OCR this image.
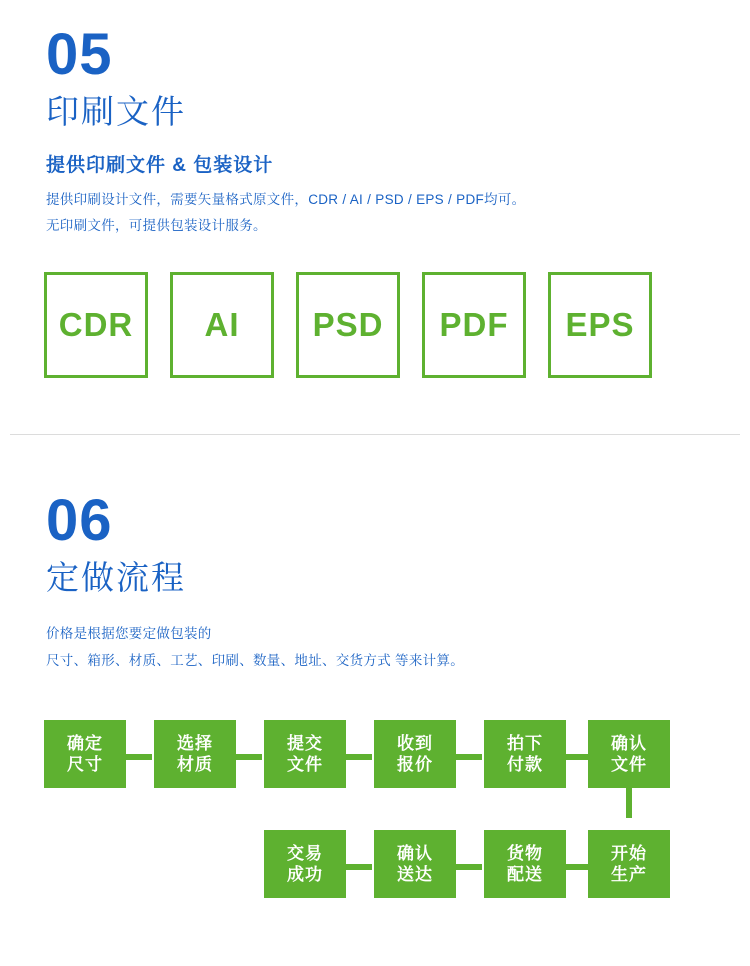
05
印刷文件
提供印刷文件 & 包装设计
提供印刷设计文件，需要矢量格式原文件，CDR / AI / PSD / EPS / PDF均可。
无印刷文件，可提供包装设计服务。
CDR AI PSD PDF EPS
06
定做流程
价格是根据您要定做包装的
尺寸、箱形、材质、工艺、印刷、数量、地址、交货方式 等来计算。
确定
尺寸
选择
材质
提交
文件
收到
报价
拍下
付款
确认
文件
交易
成功
确认
送达
货物
配送
开始
生产
